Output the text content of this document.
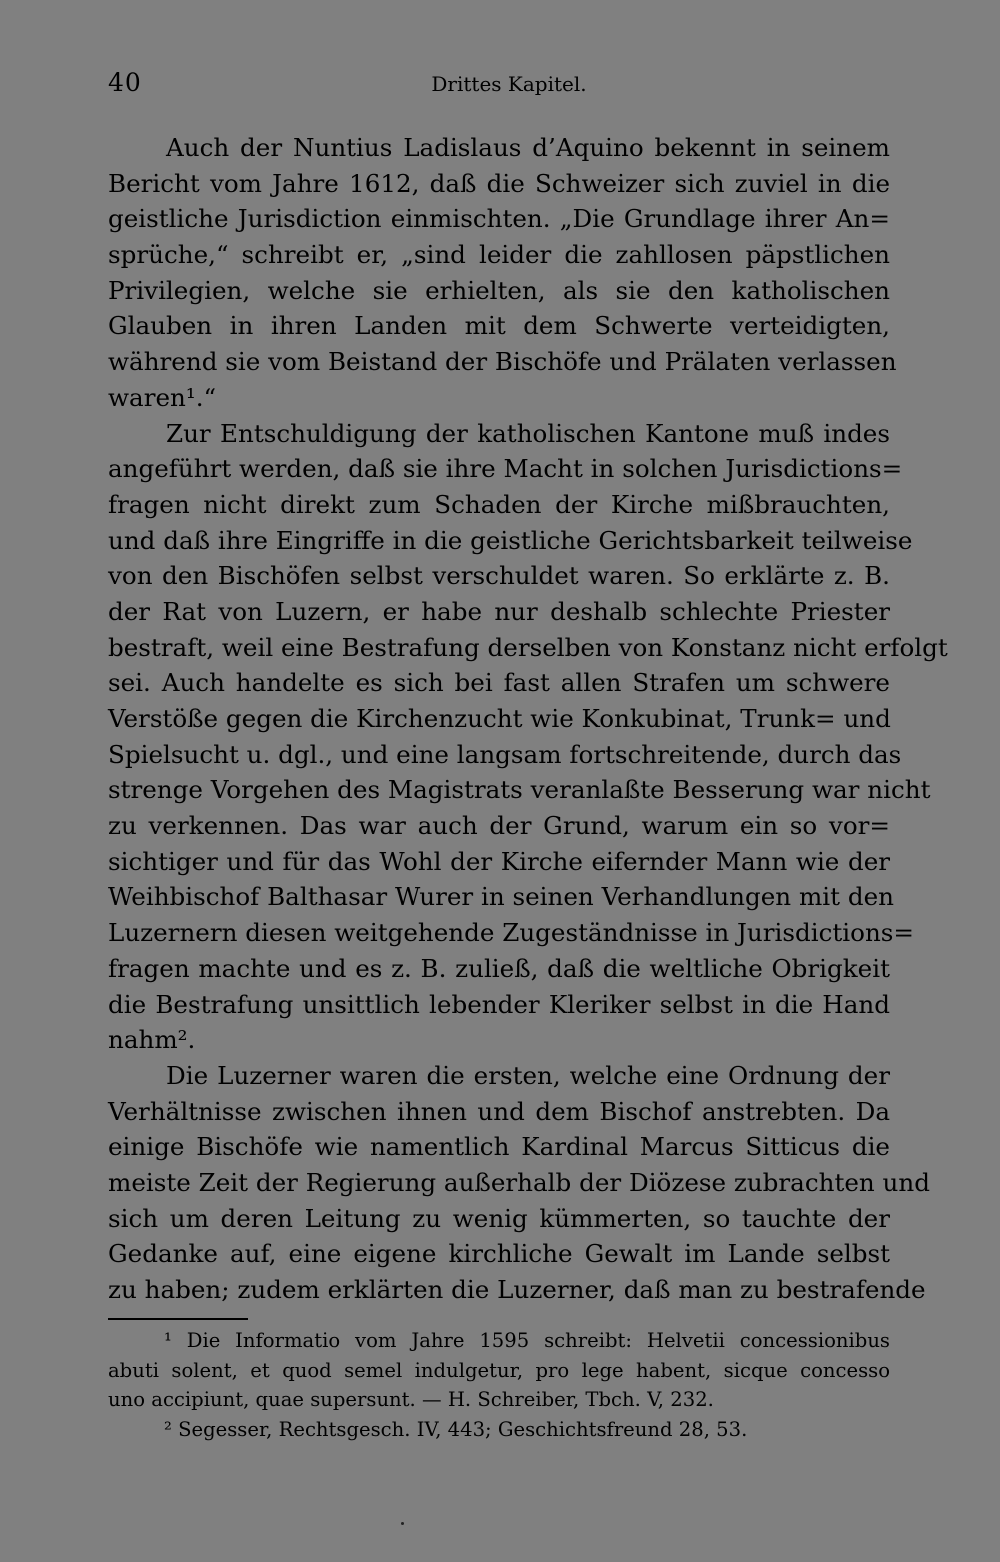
40	Drittes Kapitel.
Auch der Nuntius Ladislaus d’Aquino bekennt in seinem
Bericht vom Jahre 1612, daß die Schweizer sich zuviel in die
geistliche Jurisdiction einmischten. „Die Grundlage ihrer An=
sprüche,“ schreibt er, „sind leider die zahllosen päpstlichen
Privilegien, welche sie erhielten, als sie den katholischen
Glauben in ihren Landen mit dem Schwerte verteidigten,
während sie vom Beistand der Bischöfe und Prälaten verlassen
waren¹.“
Zur Entschuldigung der katholischen Kantone muß indes
angeführt werden, daß sie ihre Macht in solchen Jurisdictions=
fragen nicht direkt zum Schaden der Kirche mißbrauchten,
und daß ihre Eingriffe in die geistliche Gerichtsbarkeit teilweise
von den Bischöfen selbst verschuldet waren. So erklärte z. B.
der Rat von Luzern, er habe nur deshalb schlechte Priester
bestraft, weil eine Bestrafung derselben von Konstanz nicht erfolgt
sei. Auch handelte es sich bei fast allen Strafen um schwere
Verstöße gegen die Kirchenzucht wie Konkubinat, Trunk= und
Spielsucht u. dgl., und eine langsam fortschreitende, durch das
strenge Vorgehen des Magistrats veranlaßte Besserung war nicht
zu verkennen. Das war auch der Grund, warum ein so vor=
sichtiger und für das Wohl der Kirche eifernder Mann wie der
Weihbischof Balthasar Wurer in seinen Verhandlungen mit den
Luzernern diesen weitgehende Zugeständnisse in Jurisdictions=
fragen machte und es z. B. zuließ, daß die weltliche Obrigkeit
die Bestrafung unsittlich lebender Kleriker selbst in die Hand
nahm².
Die Luzerner waren die ersten, welche eine Ordnung der
Verhältnisse zwischen ihnen und dem Bischof anstrebten. Da
einige Bischöfe wie namentlich Kardinal Marcus Sitticus die
meiste Zeit der Regierung außerhalb der Diözese zubrachten und
sich um deren Leitung zu wenig kümmerten, so tauchte der
Gedanke auf, eine eigene kirchliche Gewalt im Lande selbst
zu haben; zudem erklärten die Luzerner, daß man zu bestrafende
¹ Die Informatio vom Jahre 1595 schreibt: Helvetii concessionibus
abuti solent, et quod semel indulgetur, pro lege habent, sicque concesso
uno accipiunt, quae supersunt. — H. Schreiber, Tbch. V, 232.
² Segesser, Rechtsgesch. IV, 443; Geschichtsfreund 28, 53.
